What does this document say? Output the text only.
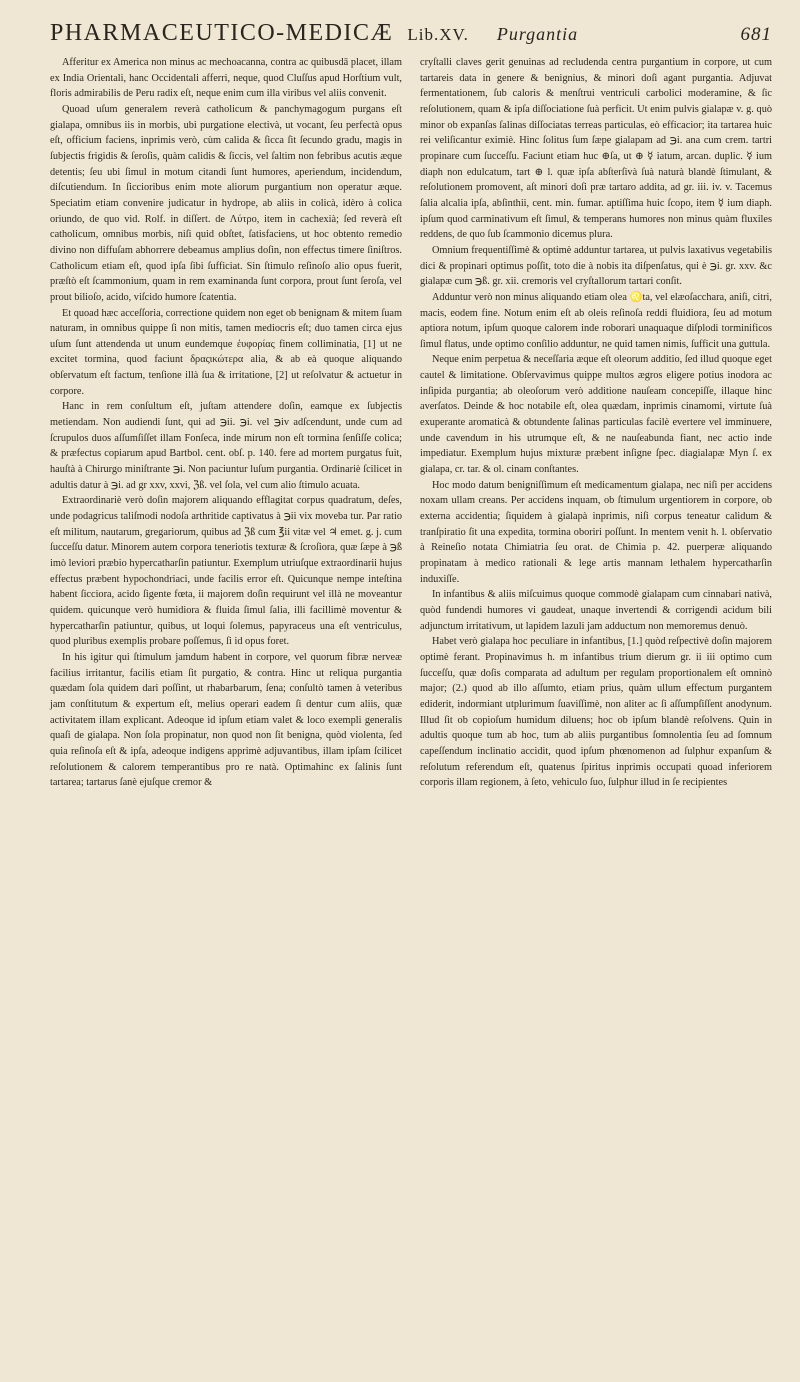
PHARMACEUTICO-MEDICÆ Lib.XV. Purgantia	681

Afferitur ex America non minus ac mechoacanna, contra ac quibusdā placet, illam ex India Orientali, hanc Occidentali afferri, neque, quod Cluſſus apud Horſtium vult, floris admirabilis de Peru radix eſt, neque enim cum illa viribus vel aliis convenit.

Quoad uſum generalem reverà catholicum & panchymagogum purgans eſt gialapa, omnibus iis in morbis, ubi purgatione electivà, ut vocant, ſeu perfectà opus eſt, officium faciens, inprimis verò, cùm calida & ſicca ſit ſecundo gradu, magis in ſubjectis frigidis & ſeroſis, quàm calidis & ſiccis, vel ſaltim non febribus acutis æque detentis; ſeu ubi ſimul in motum citandi ſunt humores, aperiendum, incidendum, diſcutiendum. In ſiccioribus enim mote aliorum purgantium non operatur æque. Speciatim etiam convenire judicatur in hydrope, ab aliis in colicà, idèro à colica oriundo, de quo vid. Rolf. in diſſert. de Λύτρο, item in cachexià; ſed reverà eſt catholicum, omnibus morbis, niſi quid obſtet, ſatisfaciens, ut hoc obtento remedio divino non diffuſam abhorrere debeamus amplius doſin, non effectus timere ſiniſtros. Catholicum etiam eſt, quod ipſa ſibi ſufficiat. Sin ſtimulo reſinoſo alio opus fuerit, præſtò eſt ſcammonium, quam in rem examinanda ſunt corpora, prout ſunt ſeroſa, vel prout bilioſo, acido, viſcido humore ſcatentia.

Et quoad hæc acceſſoria, correctione quidem non eget ob benignam & mitem ſuam naturam, in omnibus quippe ſi non mitis, tamen mediocris eſt; duo tamen circa ejus uſum ſunt attendenda ut unum eundemque ἐυφορίας finem colliminatia, [1] ut ne excitet tormina, quod faciunt δραςικώτερα alia, & ab eà quoque aliquando obſervatum eſt factum, tenſione illà ſua & irritatione, [2] ut reſolvatur & actuetur in corpore.

Hanc in rem conſultum eſt, juſtam attendere doſin, eamque ex ſubjectis metiendam. Non audiendi ſunt, qui ad ℈ii. ℈i. vel ℈iv adſcendunt, unde cum ad ſcrupulos duos aſſumſiſſet illam Fonſeca, inde mirum non eſt tormina ſenſiſſe colica; & præfectus copiarum apud Bartbol. cent. obſ. p. 140. fere ad mortem purgatus fuit, hauſtà à Chirurgo miniſtrante ℈i. Non paciuntur luſum purgantia. Ordinariè ſcilicet in adultis datur à ℈i. ad gr xxv, xxvi, ℨß. vel ſola, vel cum alio ſtimulo acuata.

Extraordinariè verò doſin majorem aliquando efflagitat corpus quadratum, deſes, unde podagricus taliſmodi nodoſa arthritide captivatus à ℈ii vix moveba tur. Par ratio eſt militum, nautarum, gregariorum, quibus ad ℨß cum ℥ii vitæ vel ♃ emet. g. j. cum ſucceſſu datur. Minorem autem corpora teneriotis texturæ & ſcroſiora, quæ ſæpe à ℈ß imò leviori præbio hypercatharſin patiuntur. Exemplum utriuſque extraordinarii hujus effectus præbent hypochondriaci, unde facilis error eſt. Quicunque nempe inteſtina habent ſicciora, acido ſigente fœta, ii majorem doſin requirunt vel illà ne moveantur quidem. quicunque verò humidiora & fluida ſimul ſalia, illi facillimè moventur & hypercatharſin patiuntur, quibus, ut loqui ſolemus, papyraceus una eſt ventriculus, quod pluribus exemplis probare poſſemus, ſi id opus foret.

In his igitur qui ſtimulum jamdum habent in corpore, vel quorum fibræ nerveæ facilius irritantur, facilis etiam ſit purgatio, & contra. Hinc ut reliqua purgantia quædam ſola quidem dari poſſint, ut rhabarbarum, ſena; conſultò tamen à veteribus jam conſtitutum & expertum eſt, melius operari eadem ſi dentur cum aliis, quæ activitatem illam explicant. Adeoque id ipſum etiam valet & loco exempli generalis quaſi de gialapa. Non ſola propinatur, non quod non ſit benigna, quòd violenta, ſed quia reſinoſa eſt & ipſa, adeoque indigens apprimè adjuvantibus, illam ipſam ſcilicet reſolutionem & calorem temperantibus pro re natà. Optimahinc ex ſalinis ſunt tartarea; tartarus ſanè ejuſque cremor &

cryſtalli claves gerit genuinas ad recludenda centra purgantium in corpore, ut cum tartareis data in genere & benignius, & minori doſi agant purgantia. Adjuvat fermentationem, ſub caloris & menſtrui ventriculi carbolici moderamine, & ſic reſolutionem, quam & ipſa diſſociatione ſuà perficit. Ut enim pulvis gialapæ v. g. quò minor ob expanſas ſalinas diſſociatas terreas particulas, eò efficacior; ita tartarea huic rei veliſicantur eximiè. Hinc ſolitus ſum ſæpe gialapam ad ℈i. ana cum crem. tartri propinare cum ſucceſſu. Faciunt etiam huc ⊕ſa, ut ⊕ ☿ iatum, arcan. duplic. ☿ ium diaph non edulcatum, tart ⊕ l. quæ ipſa abſterſivà ſuà naturà blandè ſtimulant, & reſolutionem promovent, aſt minori doſi præ tartaro addita, ad gr. iii. iv. v. Tacemus ſalia alcalia ipſa, abſinthii, cent. min. fumar. aptiſſima huic ſcopo, item ☿ ium diaph. ipſum quod carminativum eſt ſimul, & temperans humores non minus quàm fluxiles reddens, de quo ſub ſcammonio dicemus plura.

Omnium frequentiſſimè & optimè adduntur tartarea, ut pulvis laxativus vegetabilis dici & propinari optimus poſſit, toto die à nobis ita diſpenſatus, qui è ℈i. gr. xxv. &c gialapæ cum ℈ß. gr. xii. cremoris vel cryſtallorum tartari conſit.

Adduntur verò non minus aliquando etiam olea ♌ta, vel elæoſacchara, aniſi, citri, macis, eodem fine. Notum enim eſt ab oleis reſinoſa reddi fluidiora, ſeu ad motum aptiora notum, ipſum quoque calorem inde roborari unaquaque diſplodi torminificos ſimul flatus, unde optimo conſilio adduntur, ne quid tamen nimis, ſufficit una guttula.

Neque enim perpetua & neceſſaria æque eſt oleorum additio, ſed illud quoque eget cautel & limitatione. Obſervavimus quippe multos ægros eligere potius inodora ac inſipida purgantia; ab oleoſorum verò additione nauſeam concepiſſe, illaque hinc averſatos. Deinde & hoc notabile eſt, olea quædam, inprimis cinamomi, virtute ſuà exuperante aromaticà & obtundente ſalinas particulas facilè evertere vel imminuere, unde cavendum in his utrumque eſt, & ne nauſeabunda fiant, nec actio inde impediatur. Exemplum hujus mixturæ præbent inſigne ſpec. diagialapæ Myn ſ. ex gialapa, cr. tar. & ol. cinam conſtantes.

Hoc modo datum benigniſſimum eſt medicamentum gialapa, nec niſi per accidens noxam ullam creans. Per accidens inquam, ob ſtimulum urgentiorem in corpore, ob externa accidentia; ſiquidem à gialapà inprimis, niſi corpus teneatur calidum & tranſpiratio ſit una expedita, tormina oboriri poſſunt. In mentem venit h. l. obſervatio à Reineſio notata Chimiatria ſeu orat. de Chimia p. 42. puerperæ aliquando propinatam à medico rationali & lege artis mannam lethalem hypercatharſin induxiſſe.

In infantibus & aliis miſcuimus quoque commodè gialapam cum cinnabari nativà, quòd fundendi humores vi gaudeat, unaque invertendi & corrigendi acidum bili adjunctum irritativum, ut lapidem lazuli jam adductum non memoremus denuò.

Habet verò gialapa hoc peculiare in infantibus, [1.] quòd reſpectivè doſin majorem optimè ferant. Propinavimus h. m infantibus trium dierum gr. ii iii optimo cum ſucceſſu, quæ doſis comparata ad adultum per regulam proportionalem eſt omninò major; (2.) quod ab illo aſſumto, etiam prius, quàm ullum effectum purgantem ediderit, indormiant utplurimum ſuaviſſimè, non aliter ac ſi aſſumpſiſſent anodynum. Illud ſit ob copioſum humidum diluens; hoc ob ipſum blandè reſolvens. Quin in adultis quoque tum ab hoc, tum ab aliis purgantibus ſomnolentia ſeu ad ſomnum capeſſendum inclinatio accidit, quod ipſum phœnomenon ad ſulphur expanſum & reſolutum referendum eſt, quatenus ſpiritus inprimis occupati quoad inferiorem corporis illam regionem, à ſeto, vehiculo ſuo, ſulphur illud in ſe recipientes
